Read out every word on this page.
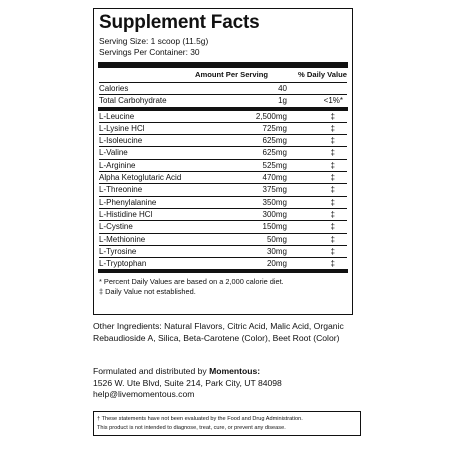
Supplement Facts
Serving Size: 1 scoop (11.5g)
Servings Per Container: 30
Amount Per Serving	% Daily Value
Calories	40
Total Carbohydrate	1g	<1%*
L-Leucine	2,500mg	‡
L-Lysine HCl	725mg	‡
L-Isoleucine	625mg	‡
L-Valine	625mg	‡
L-Arginine	525mg	‡
Alpha Ketoglutaric Acid	470mg	‡
L-Threonine	375mg	‡
L-Phenylalanine	350mg	‡
L-Histidine HCl	300mg	‡
L-Cystine	150mg	‡
L-Methionine	50mg	‡
L-Tyrosine	30mg	‡
L-Tryptophan	20mg	‡
* Percent Daily Values are based on a 2,000 calorie diet.
‡ Daily Value not established.
Other Ingredients: Natural Flavors, Citric Acid, Malic Acid, Organic Rebaudioside A, Silica, Beta-Carotene (Color), Beet Root (Color)
Formulated and distributed by Momentous:
1526 W. Ute Blvd, Suite 214, Park City, UT 84098
help@livemomentous.com
† These statements have not been evaluated by the Food and Drug Administration.
This product is not intended to diagnose, treat, cure, or prevent any disease.
